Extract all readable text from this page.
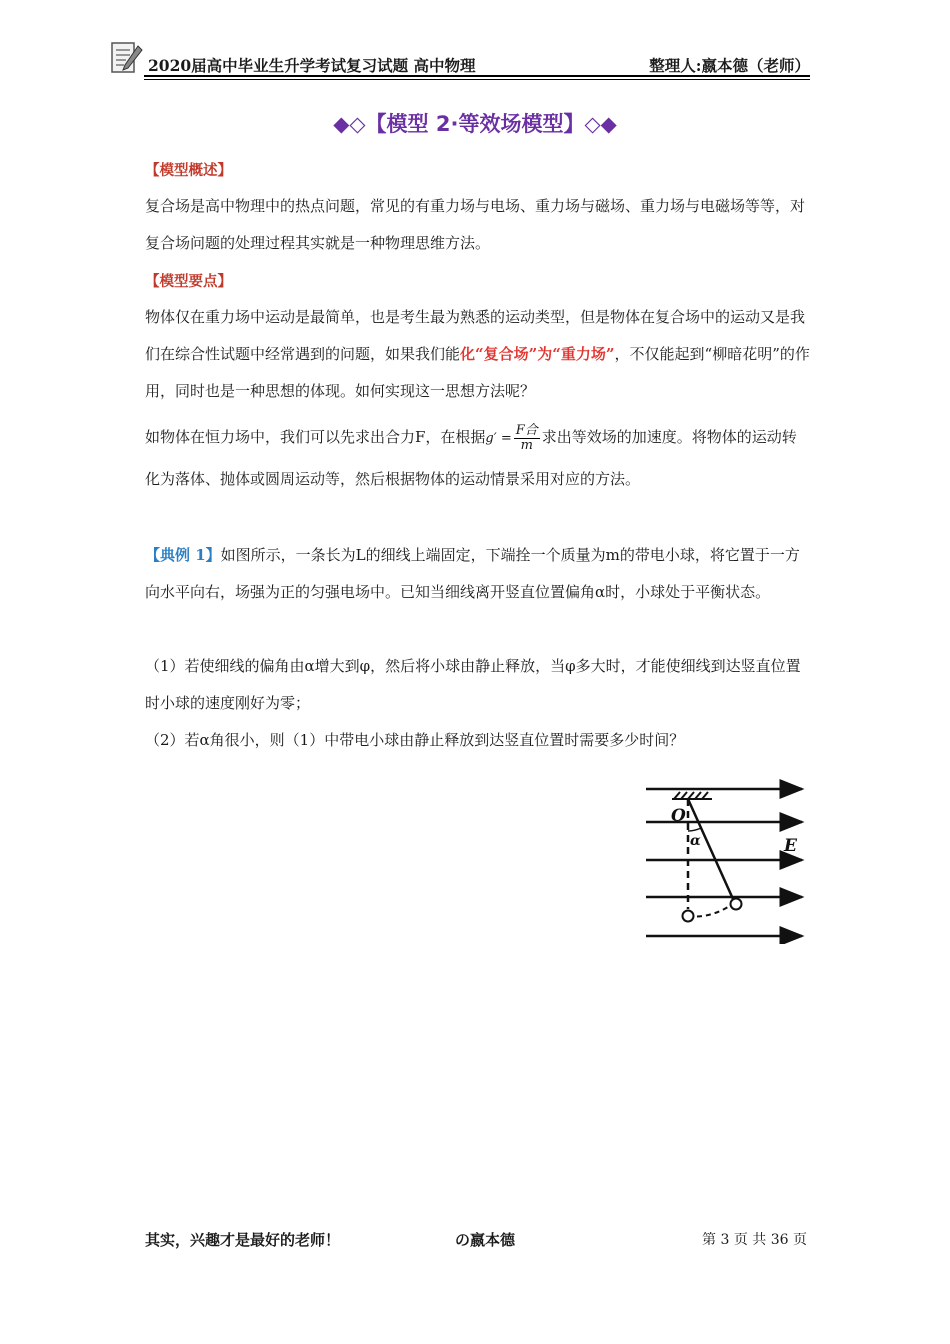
2020届高中毕业生升学考试复习试题 高中物理	整理人:嬴本德（老师）
◆◇【模型 2·等效场模型】◇◆
【模型概述】
复合场是高中物理中的热点问题，常见的有重力场与电场、重力场与磁场、重力场与电磁场等等，对复合场问题的处理过程其实就是一种物理思维方法。
【模型要点】
物体仅在重力场中运动是最简单，也是考生最为熟悉的运动类型，但是物体在复合场中的运动又是我们在综合性试题中经常遇到的问题，如果我们能化“复合场”为“重力场”，不仅能起到“柳暗花明”的作用，同时也是一种思想的体现。如何实现这一思想方法呢？
如物体在恒力场中，我们可以先求出合力F，在根据$g' = \frac{\text{F合}}{m}$ 求出等效场的加速度。将物体的运动转化为落体、抛体或圆周运动等，然后根据物体的运动情景采用对应的方法。
【典例 1】如图所示，一条长为L的细线上端固定，下端拴一个质量为m的带电小球，将它置于一方向水平向右，场强为正的匀强电场中。已知当细线离开竖直位置偏角α时，小球处于平衡状态。
（1）若使细线的偏角由α增大到φ，然后将小球由静止释放，当φ多大时，才能使细线到达竖直位置时小球的速度刚好为零；
（2）若α角很小，则（1）中带电小球由静止释放到达竖直位置时需要多少时间？
O
α	E
其实，兴趣才是最好的老师！	の嬴本德	第 3 页 共 36 页
